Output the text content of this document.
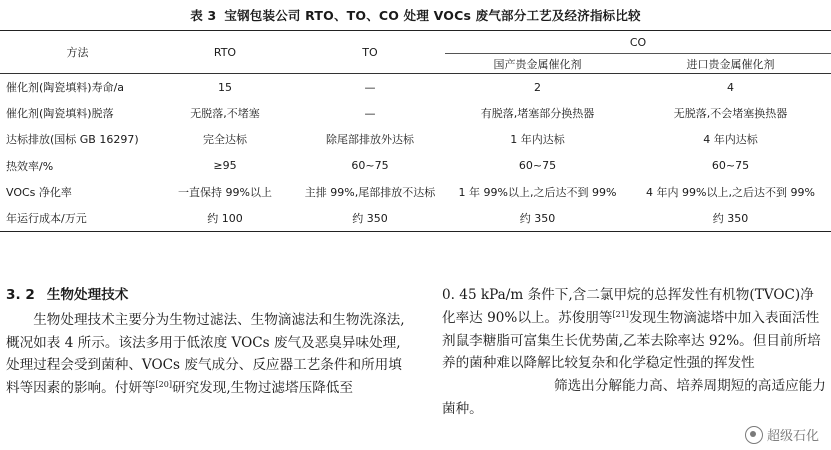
表 3 宝钢包装公司 RTO、TO、CO 处理 VOCs 废气部分工艺及经济指标比较
方法	RTO	TO	CO	
			国产贵金属催化剂	进口贵金属催化剂
催化剂(陶瓷填料)寿命/a	15	—	2	4
催化剂(陶瓷填料)脱落	无脱落,不堵塞	—	有脱落,堵塞部分换热器	无脱落,不会堵塞换热器
达标排放(国标 GB 16297)	完全达标	除尾部排放外达标	1 年内达标	4 年内达标
热效率/%	≥95	60~75	60~75	60~75
VOCs 净化率	一直保持 99%以上	主排 99%,尾部排放不达标	1 年 99%以上,之后达不到 99%	4 年内 99%以上,之后达不到 99%
年运行成本/万元	约 100	约 350	约 350	约 350
3. 2 生物处理技术

生物处理技术主要分为生物过滤法、生物滴滤法和生物洗涤法,概况如表 4 所示。该法多用于低浓度 VOCs 废气及恶臭异味处理,处理过程会受到菌种、VOCs 废气成分、反应器工艺条件和所用填料等因素的影响。付妍等[20]研究发现,生物过滤塔压降低至

0. 45 kPa/m 条件下,含二氯甲烷的总挥发性有机物(TVOC)净化率达 90%以上。苏俊朋等[21]发现生物滴滤塔中加入表面活性剂鼠李糖脂可富集生长优势菌,乙苯去除率达 92%。但目前所培养的菌种难以降解比较复杂和化学稳定性强的挥发性筛选出分解能力高、培养周期短的高适应能力菌种。

超级石化
